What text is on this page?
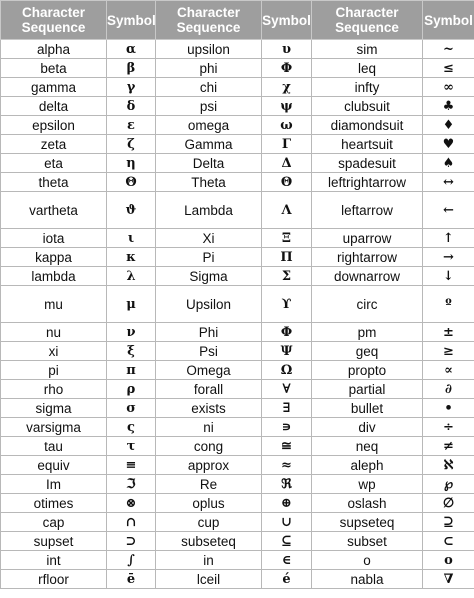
Character Sequence	Symbol	Character Sequence	Symbol	Character Sequence	Symbol
alpha	α	upsilon	υ	sim	~
beta	β	phi	Φ	leq	≤
gamma	γ	chi	χ	infty	∞
delta	δ	psi	ψ	clubsuit	♣
epsilon	ε	omega	ω	diamondsuit	♦
zeta	ζ	Gamma	Γ	heartsuit	♥
eta	η	Delta	Δ	spadesuit	♠
theta	Θ	Theta	Θ	leftrightarrow	↔
vartheta	ϑ	Lambda	Λ	leftarrow	←
iota	ι	Xi	Ξ	uparrow	↑
kappa	κ	Pi	Π	rightarrow	→
lambda	λ	Sigma	Σ	downarrow	↓
mu	μ	Upsilon	ϒ	circ	º
nu	ν	Phi	Φ	pm	±
xi	ξ	Psi	Ψ	geq	≥
pi	π	Omega	Ω	propto	∝
rho	ρ	forall	∀	partial	∂
sigma	σ	exists	∃	bullet	•
varsigma	ς	ni	∍	div	÷
tau	τ	cong	≅	neq	≠
equiv	≡	approx	≈	aleph	ℵ
Im	ℑ	Re	ℜ	wp	℘
otimes	⊗	oplus	⊕	oslash	∅
cap	∩	cup	∪	supseteq	⊇
supset	⊃	subseteq	⊆	subset	⊂
int	∫	in	∈	o	o
rfloor	ē	lceil	é	nabla	∇
